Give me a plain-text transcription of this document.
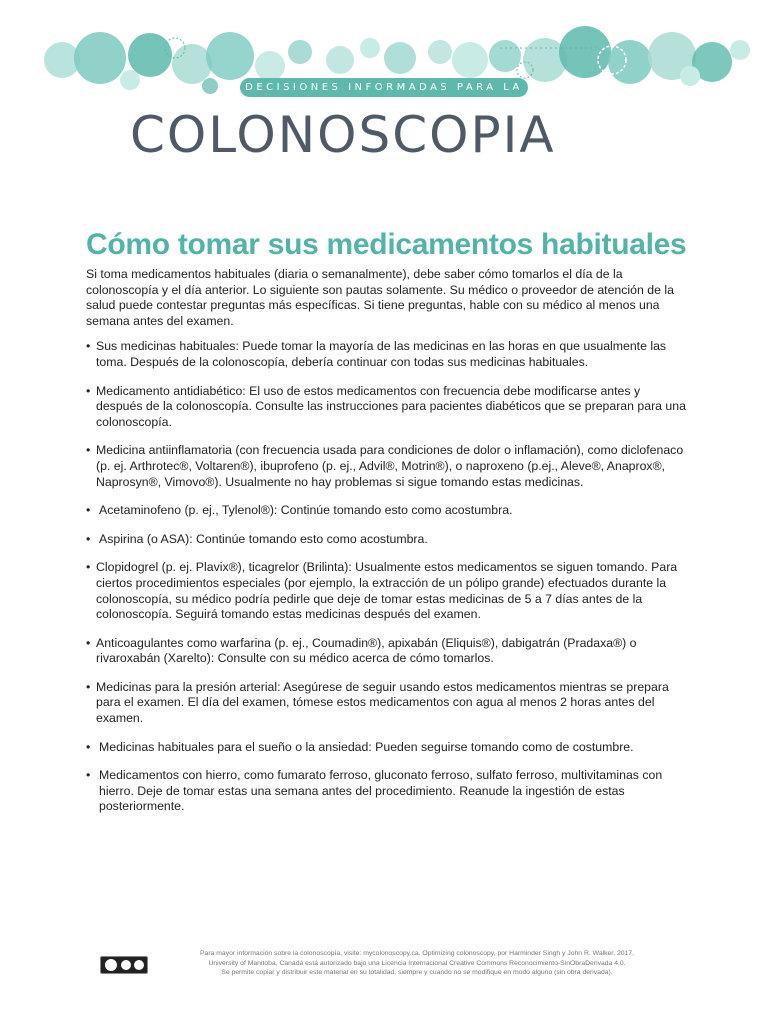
DECISIONES INFORMADAS PARA LA
COLONOSCOPIA
Cómo tomar sus medicamentos habituales

Si toma medicamentos habituales (diaria o semanalmente), debe saber cómo tomarlos el día de la colonoscopía y el día anterior. Lo siguiente son pautas solamente. Su médico o proveedor de atención de la salud puede contestar preguntas más específicas. Si tiene preguntas, hable con su médico al menos una semana antes del examen.

• Sus medicinas habituales: Puede tomar la mayoría de las medicinas en las horas en que usualmente las toma. Después de la colonoscopía, debería continuar con todas sus medicinas habituales.
• Medicamento antidiabético: El uso de estos medicamentos con frecuencia debe modificarse antes y después de la colonoscopía. Consulte las instrucciones para pacientes diabéticos que se preparan para una colonoscopía.
• Medicina antiinflamatoria (con frecuencia usada para condiciones de dolor o inflamación), como diclofenaco (p. ej. Arthrotec®, Voltaren®), ibuprofeno (p. ej., Advil®, Motrin®), o naproxeno (p.ej., Aleve®, Anaprox®, Naprosyn®, Vimovo®). Usualmente no hay problemas si sigue tomando estas medicinas.
• Acetaminofeno (p. ej., Tylenol®): Continúe tomando esto como acostumbra.
• Aspirina (o ASA): Continúe tomando esto como acostumbra.
• Clopidogrel (p. ej. Plavix®), ticagrelor (Brilinta): Usualmente estos medicamentos se siguen tomando. Para ciertos procedimientos especiales (por ejemplo, la extracción de un pólipo grande) efectuados durante la colonoscopía, su médico podría pedirle que deje de tomar estas medicinas de 5 a 7 días antes de la colonoscopía. Seguirá tomando estas medicinas después del examen.
• Anticoagulantes como warfarina (p. ej., Coumadin®), apixabán (Eliquis®), dabigatrán (Pradaxa®) o rivaroxabán (Xarelto): Consulte con su médico acerca de cómo tomarlos.
• Medicinas para la presión arterial: Asegúrese de seguir usando estos medicamentos mientras se prepara para el examen. El día del examen, tómese estos medicamentos con agua al menos 2 horas antes del examen.
• Medicinas habituales para el sueño o la ansiedad: Pueden seguirse tomando como de costumbre.
• Medicamentos con hierro, como fumarato ferroso, gluconato ferroso, sulfato ferroso, multivitaminas con hierro. Deje de tomar estas una semana antes del procedimiento. Reanude la ingestión de estas posteriormente.
Para mayor información sobre la colonoscopía, visite: mycolonoscopy.ca. Optimizing colonoscopy, por Harminder Singh y John R. Walker, 2017,
University of Manitoba, Canadá está autorizado bajo una Licencia Internacional Creative Commons Reconocimiento-SinObraDerivada 4.0.
Se permite copiar y distribuir este material en su totalidad, siempre y cuando no se modifique en modo alguno (sin obra derivada).
